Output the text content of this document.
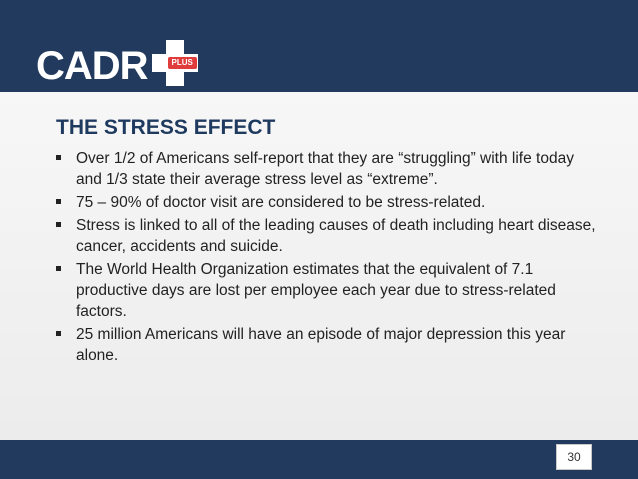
CADR	PLUS
THE STRESS EFFECT
Over 1/2 of Americans self-report that they are “struggling” with life today and 1/3 state their average stress level as “extreme”.
75 – 90% of doctor visit are considered to be stress-related.
Stress is linked to all of the leading causes of death including heart disease, cancer, accidents and suicide.
The World Health Organization estimates that the equivalent of 7.1 productive days are lost per employee each year due to stress-related factors.
25 million Americans will have an episode of major depression this year alone.
30
